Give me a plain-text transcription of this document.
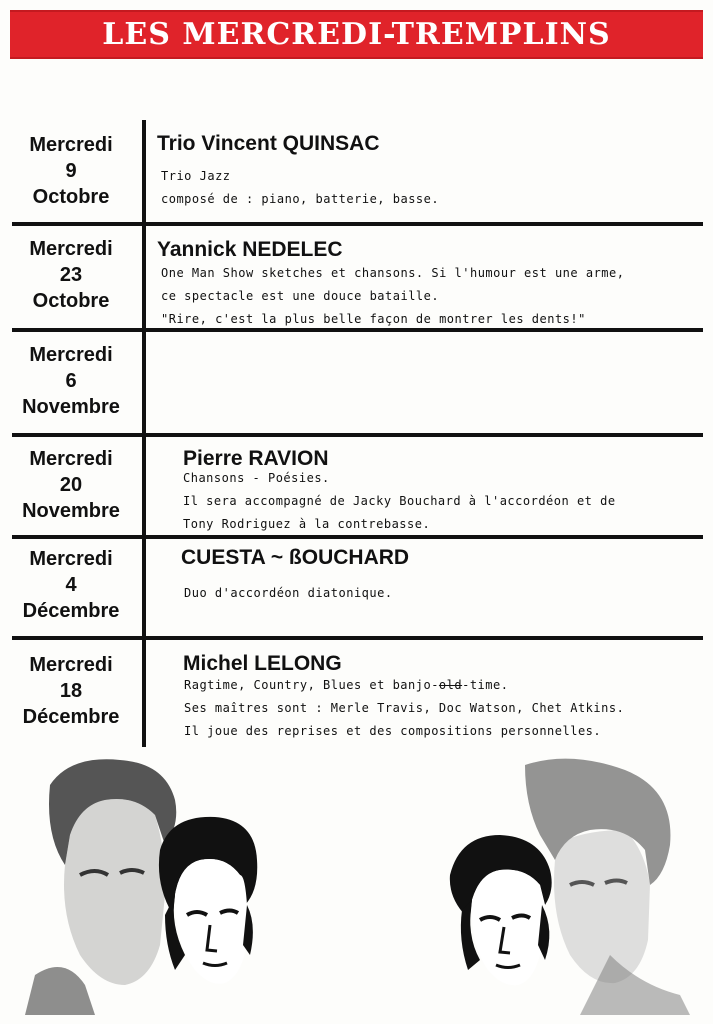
LES MERCREDI-TREMPLINS
Mercredi
9
Octobre
Trio Vincent QUINSAC
Trio Jazz
composé de : piano, batterie, basse.
Mercredi
23
Octobre
Yannick NEDELEC
One Man Show sketches et chansons. Si l'humour est une arme,
ce spectacle est une douce bataille.
"Rire, c'est la plus belle façon de montrer les dents!"
Mercredi
6
Novembre
Mercredi
20
Novembre
Pierre RAVION
Chansons - Poésies.
Il sera accompagné de Jacky Bouchard à l'accordéon et de
Tony Rodriguez à la contrebasse.
Mercredi
4
Décembre
CUESTA ~ ßOUCHARD
Duo d'accordéon diatonique.
Mercredi
18
Décembre
Michel LELONG
Ragtime, Country, Blues et banjo-old-time.
Ses maîtres sont : Merle Travis, Doc Watson, Chet Atkins.
Il joue des reprises et des compositions personnelles.
